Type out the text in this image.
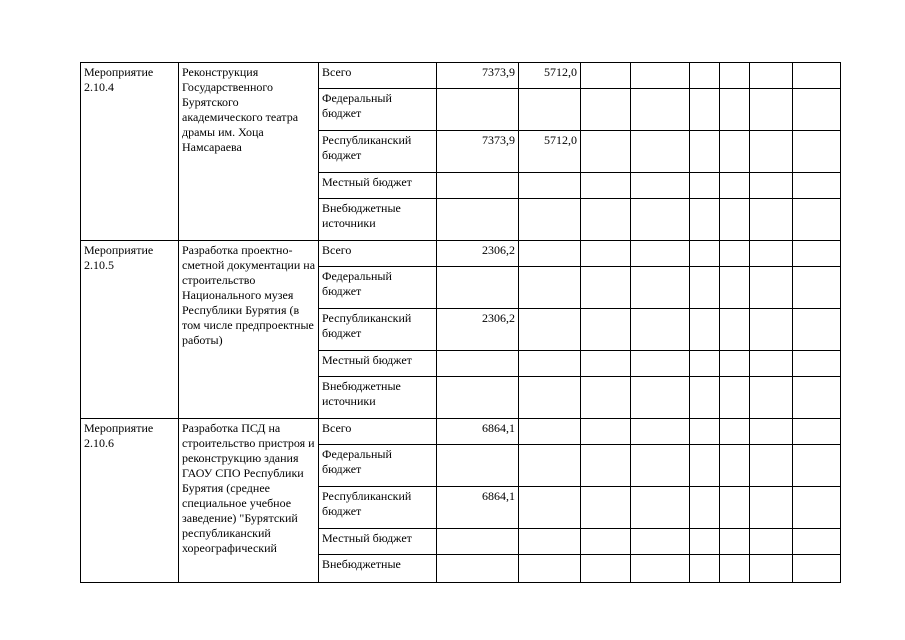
Мероприятие 2.10.4	Реконструкция Государственного Бурятского академического театра драмы им. Хоца Намсараева	Всего	7373,9	5712,0							
		Федеральный бюджет									
		Республиканский бюджет	7373,9	5712,0							
		Местный бюджет									
		Внебюджетные источники									
Мероприятие 2.10.5	Разработка проектно-сметной документации на строительство Национального музея Республики Бурятия (в том числе предпроектные работы)	Всего	2306,2								
		Федеральный бюджет									
		Республиканский бюджет	2306,2								
		Местный бюджет									
		Внебюджетные источники									
Мероприятие 2.10.6	Разработка ПСД на строительство пристроя и реконструкцию здания ГАОУ СПО Республики Бурятия (среднее специальное учебное заведение) "Бурятский республиканский хореографический	Всего	6864,1								
		Федеральный бюджет									
		Республиканский бюджет	6864,1								
		Местный бюджет									
		Внебюджетные									
